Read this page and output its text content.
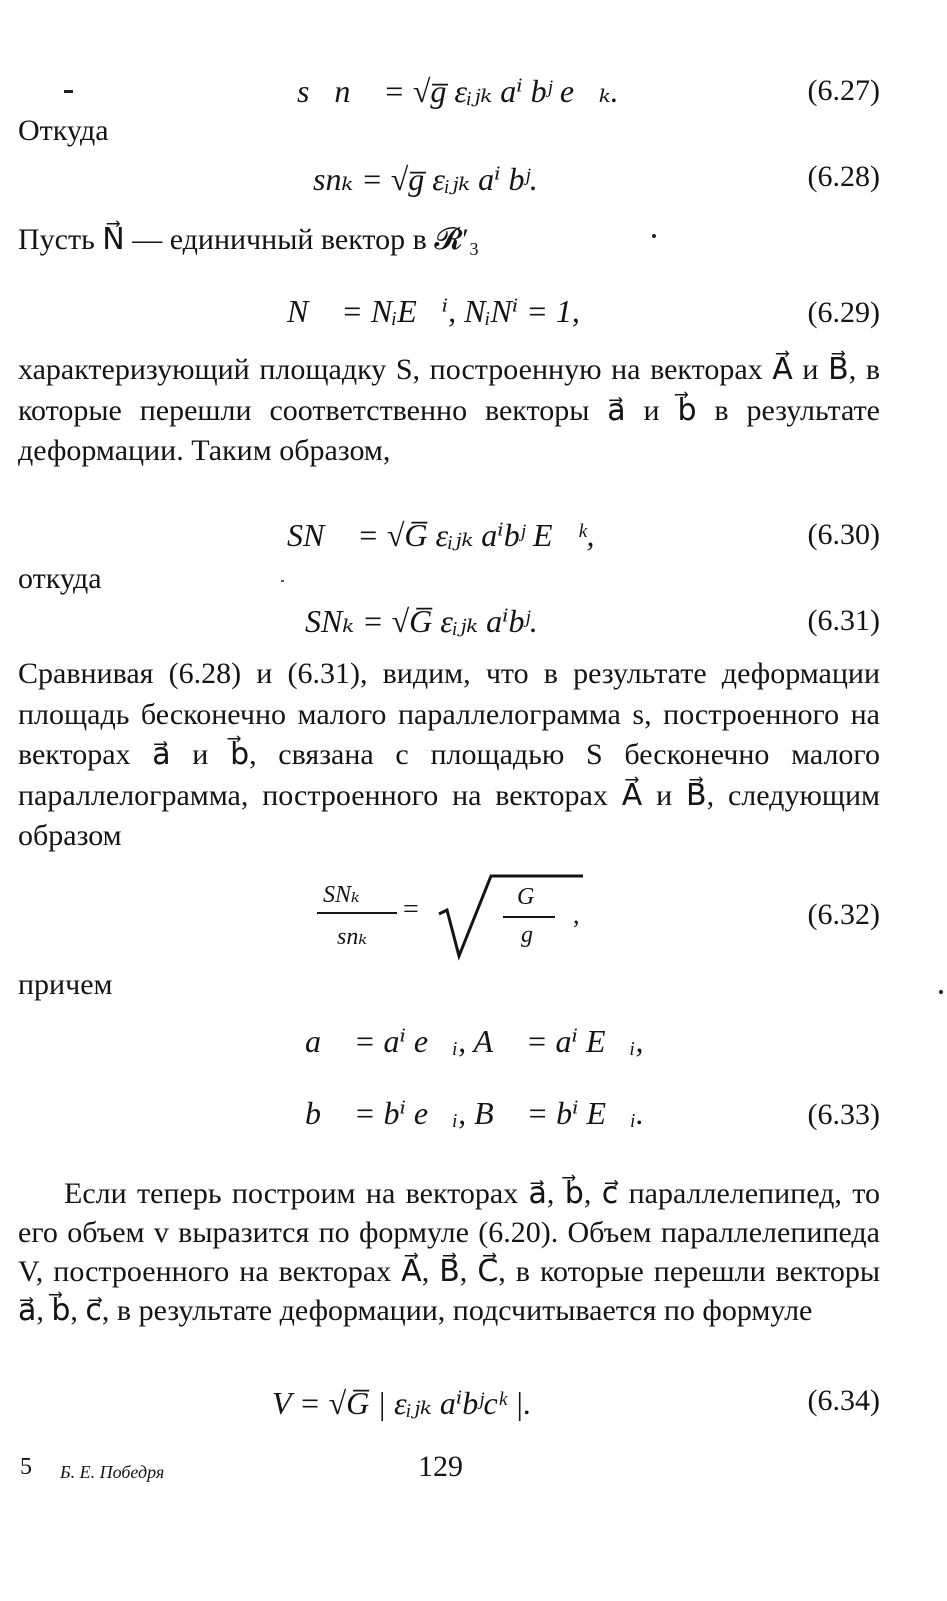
s⃗n⃗ = √g̅ εᵢⱼₖ aⁱ bʲ e⃗ₖ.	(6.27)
Откуда
snₖ = √g̅ εᵢⱼₖ aⁱ bʲ.	(6.28)
Пусть N⃗ — единичный вектор в 𝓡′₃
N⃗ = NᵢE⃗ⁱ, NᵢNⁱ = 1,	(6.29)
характеризующий площадку S, построенную на векторах A⃗ и B⃗, в которые перешли соответственно векторы a⃗ и b⃗ в результате деформации. Таким образом,
SN⃗ = √G̅ εᵢⱼₖ aⁱbʲ E⃗ᵏ,	(6.30)
откуда
SNₖ = √G̅ εᵢⱼₖ aⁱbʲ.	(6.31)
Сравнивая (6.28) и (6.31), видим, что в результате деформации площадь бесконечно малого параллелограмма s, построенного на векторах a⃗ и b⃗, связана с площадью S бесконечно малого параллелограмма, построенного на векторах A⃗ и B⃗, следующим образом
SNₖ
snₖ
=	G
g
,	(6.32)
причем
a⃗ = aⁱ e⃗ᵢ, A⃗ = aⁱ E⃗ᵢ,
b⃗ = bⁱ e⃗ᵢ, B⃗ = bⁱ E⃗ᵢ.	(6.33)
Если теперь построим на векторах a⃗, b⃗, c⃗ параллелепипед, то его объем v выразится по формуле (6.20). Объем параллелепипеда V, построенного на векторах A⃗, B⃗, C⃗, в которые перешли векторы a⃗, b⃗, c⃗, в результате деформации, подсчитывается по формуле
V = √G̅ | εᵢⱼₖ aⁱbʲcᵏ |.	(6.34)
5 Б. Е. Победря	129
